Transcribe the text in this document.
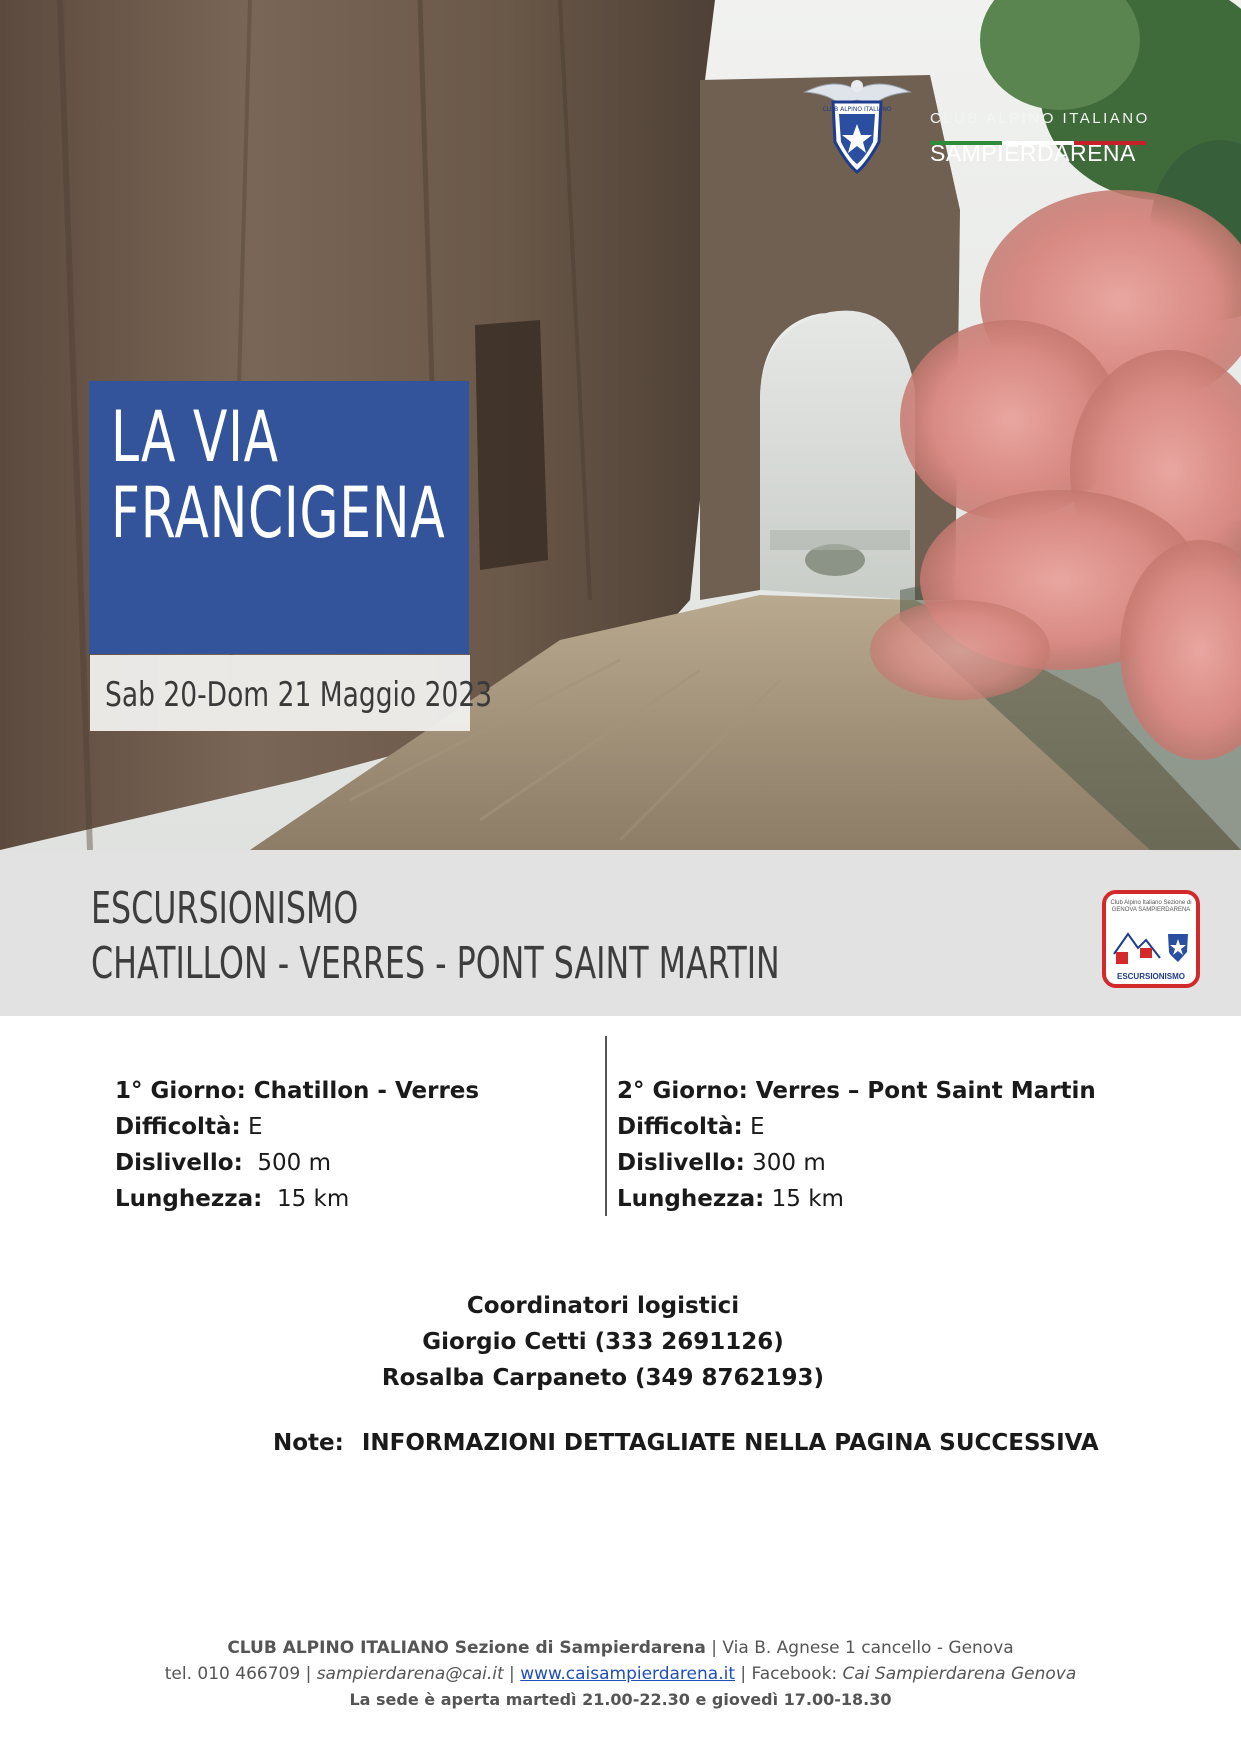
CLUB ALPINO ITALIANO
CLUB ALPINO ITALIANO
SAMPIERDARENA
LA VIA
FRANCIGENA
Sab 20-Dom 21 Maggio 2023
ESCURSIONISMO
CHATILLON - VERRES - PONT SAINT MARTIN
Club Alpino Italiano Sezione di GENOVA SAMPIERDARENA
ESCURSIONISMO
1° Giorno: Chatillon - Verres
Difficoltà: E
Dislivello:  500 m
Lunghezza:  15 km
2° Giorno: Verres – Pont Saint Martin
Difficoltà: E
Dislivello: 300 m
Lunghezza: 15 km
Coordinatori logistici
Giorgio Cetti (333 2691126)
Rosalba Carpaneto (349 8762193)
Note: INFORMAZIONI DETTAGLIATE NELLA PAGINA SUCCESSIVA
CLUB ALPINO ITALIANO Sezione di Sampierdarena | Via B. Agnese 1 cancello - Genova
tel. 010 466709 | sampierdarena@cai.it | www.caisampierdarena.it | Facebook: Cai Sampierdarena Genova
La sede è aperta martedì 21.00-22.30 e giovedì 17.00-18.30
